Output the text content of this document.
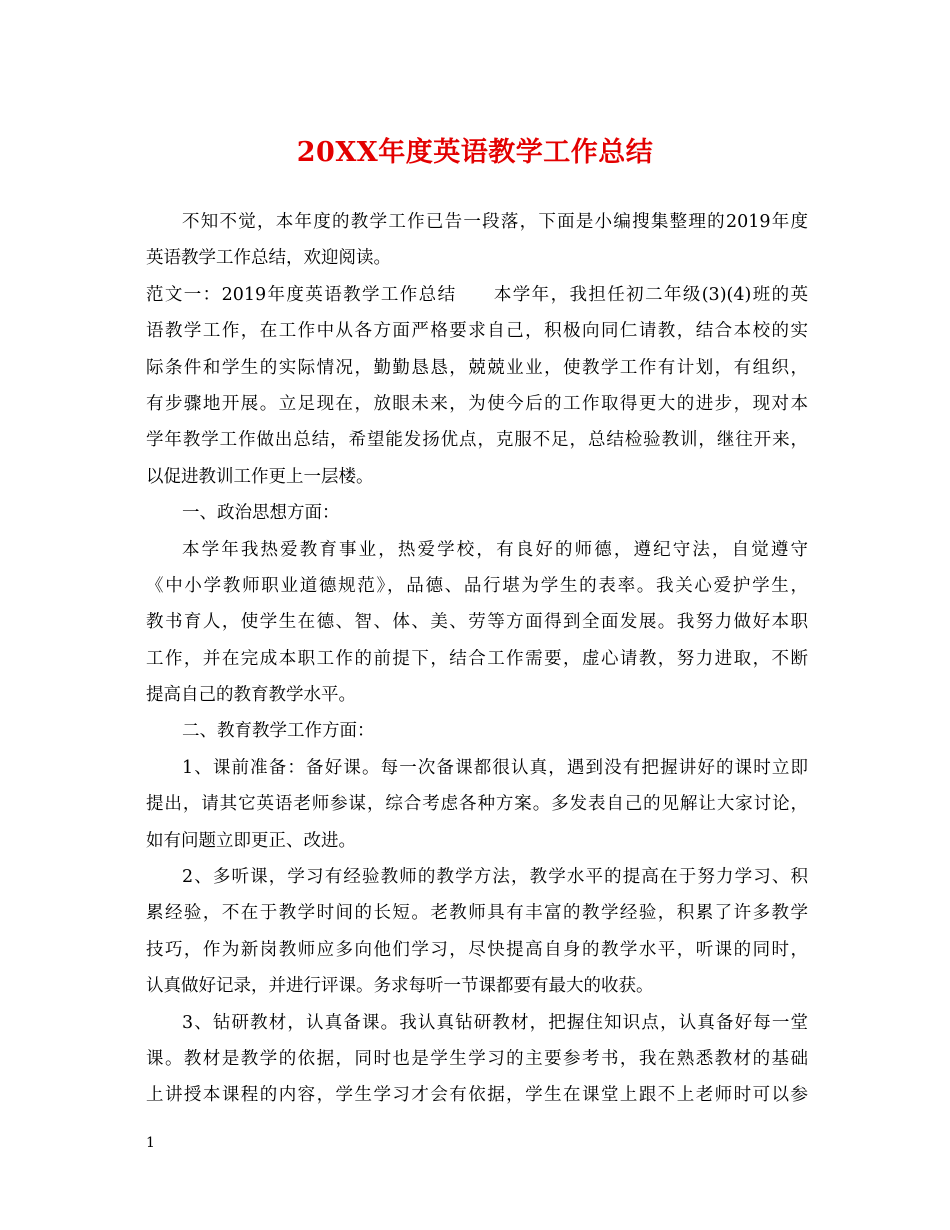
20XX年度英语教学工作总结
不知不觉，本年度的教学工作已告一段落，下面是小编搜集整理的2019年度
英语教学工作总结，欢迎阅读。
范文一：2019年度英语教学工作总结 本学年，我担任初二年级(3)(4)班的英
语教学工作，在工作中从各方面严格要求自己，积极向同仁请教，结合本校的实
际条件和学生的实际情况，勤勤恳恳，兢兢业业，使教学工作有计划，有组织，
有步骤地开展。立足现在，放眼未来，为使今后的工作取得更大的进步，现对本
学年教学工作做出总结，希望能发扬优点，克服不足，总结检验教训，继往开来，
以促进教训工作更上一层楼。
一、政治思想方面：
本学年我热爱教育事业，热爱学校，有良好的师德，遵纪守法，自觉遵守
《中小学教师职业道德规范》，品德、品行堪为学生的表率。我关心爱护学生，
教书育人，使学生在德、智、体、美、劳等方面得到全面发展。我努力做好本职
工作，并在完成本职工作的前提下，结合工作需要，虚心请教，努力进取，不断
提高自己的教育教学水平。
二、教育教学工作方面：
1、课前准备：备好课。每一次备课都很认真，遇到没有把握讲好的课时立即
提出，请其它英语老师参谋，综合考虑各种方案。多发表自己的见解让大家讨论，
如有问题立即更正、改进。
2、多听课，学习有经验教师的教学方法，教学水平的提高在于努力学习、积
累经验，不在于教学时间的长短。老教师具有丰富的教学经验，积累了许多教学
技巧，作为新岗教师应多向他们学习，尽快提高自身的教学水平，听课的同时，
认真做好记录，并进行评课。务求每听一节课都要有最大的收获。
3、钻研教材，认真备课。我认真钻研教材，把握住知识点，认真备好每一堂
课。教材是教学的依据，同时也是学生学习的主要参考书，我在熟悉教材的基础
上讲授本课程的内容，学生学习才会有依据，学生在课堂上跟不上老师时可以参
1
